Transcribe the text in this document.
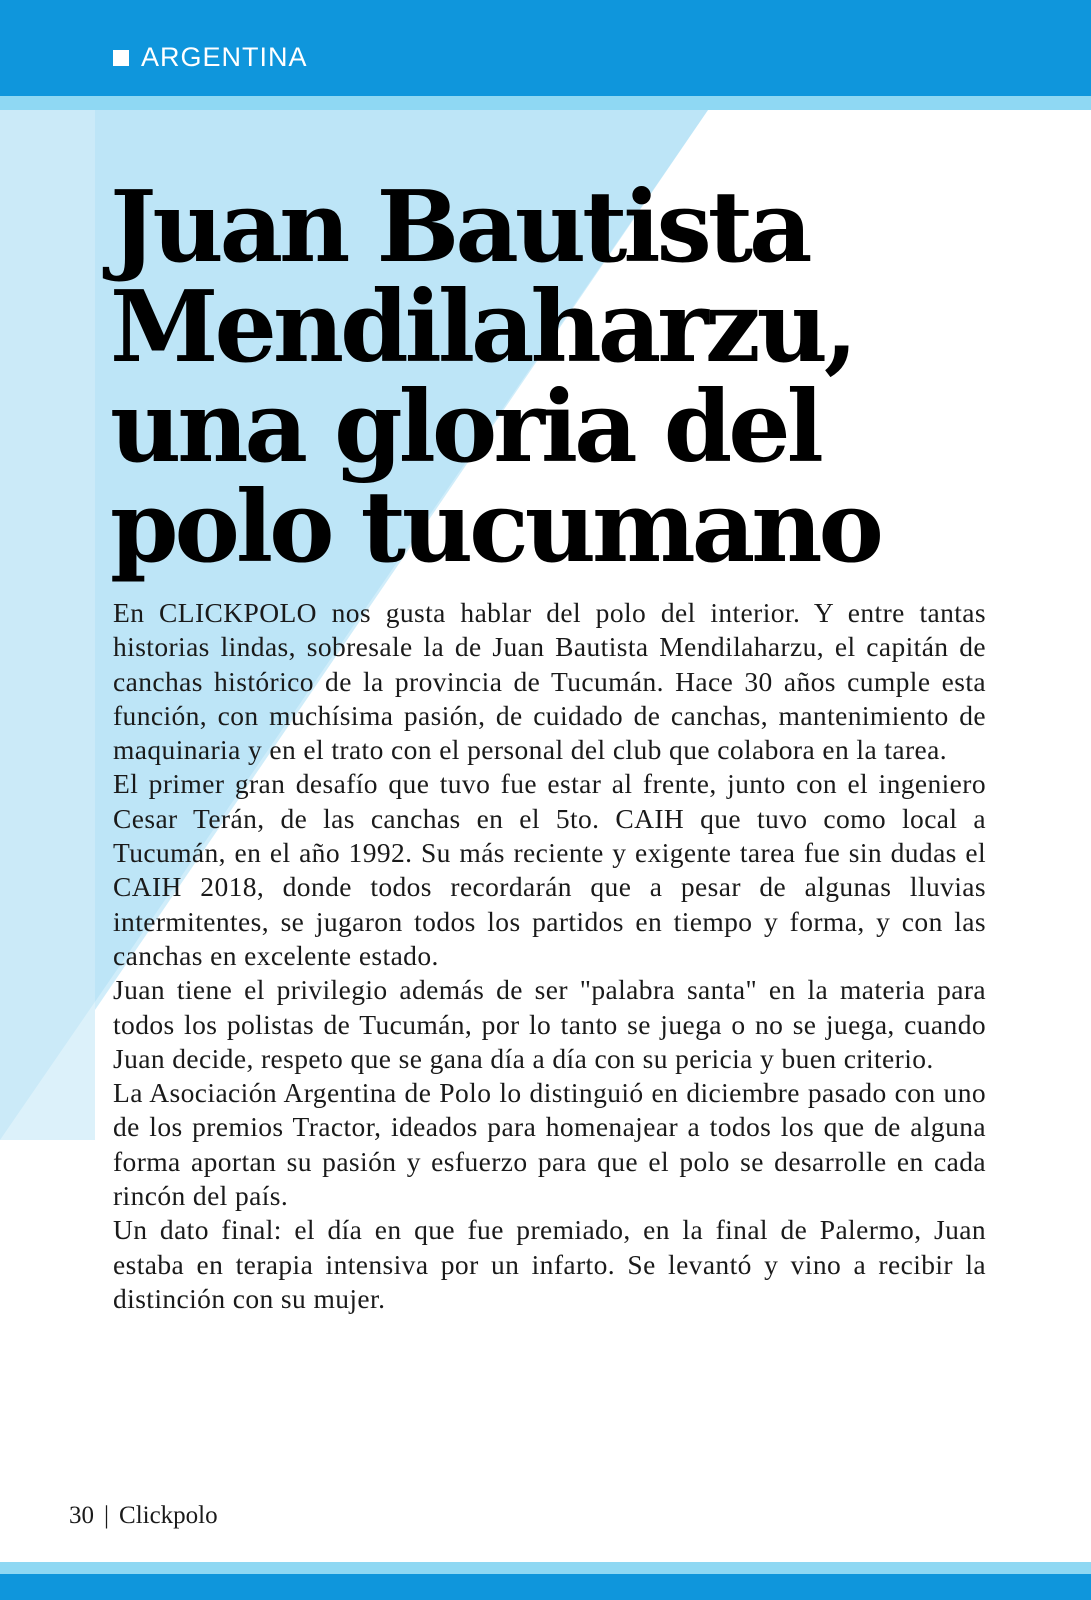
ARGENTINA
Juan Bautista
Mendilaharzu,
una gloria del
polo tucumano

En CLICKPOLO nos gusta hablar del polo del interior. Y entre tantas historias lindas, sobresale la de Juan Bautista Mendilaharzu, el capitán de canchas histórico de la provincia de Tucumán. Hace 30 años cumple esta función, con muchísima pasión, de cuidado de canchas, mantenimiento de maquinaria y en el trato con el personal del club que colabora en la tarea.

El primer gran desafío que tuvo fue estar al frente, junto con el ingeniero Cesar Terán, de las canchas en el 5to. CAIH que tuvo como local a Tucumán, en el año 1992. Su más reciente y exigente tarea fue sin dudas el CAIH 2018, donde todos recordarán que a pesar de algunas lluvias intermitentes, se jugaron todos los partidos en tiempo y forma, y con las canchas en excelente estado.

Juan tiene el privilegio además de ser "palabra santa" en la materia para todos los polistas de Tucumán, por lo tanto se juega o no se juega, cuando Juan decide, respeto que se gana día a día con su pericia y buen criterio.

La Asociación Argentina de Polo lo distinguió en diciembre pasado con uno de los premios Tractor, ideados para homenajear a todos los que de alguna forma aportan su pasión y esfuerzo para que el polo se desarrolle en cada rincón del país.

Un dato final: el día en que fue premiado, en la final de Palermo, Juan estaba en terapia intensiva por un infarto. Se levantó y vino a recibir la distinción con su mujer.

30 | Clickpolo
